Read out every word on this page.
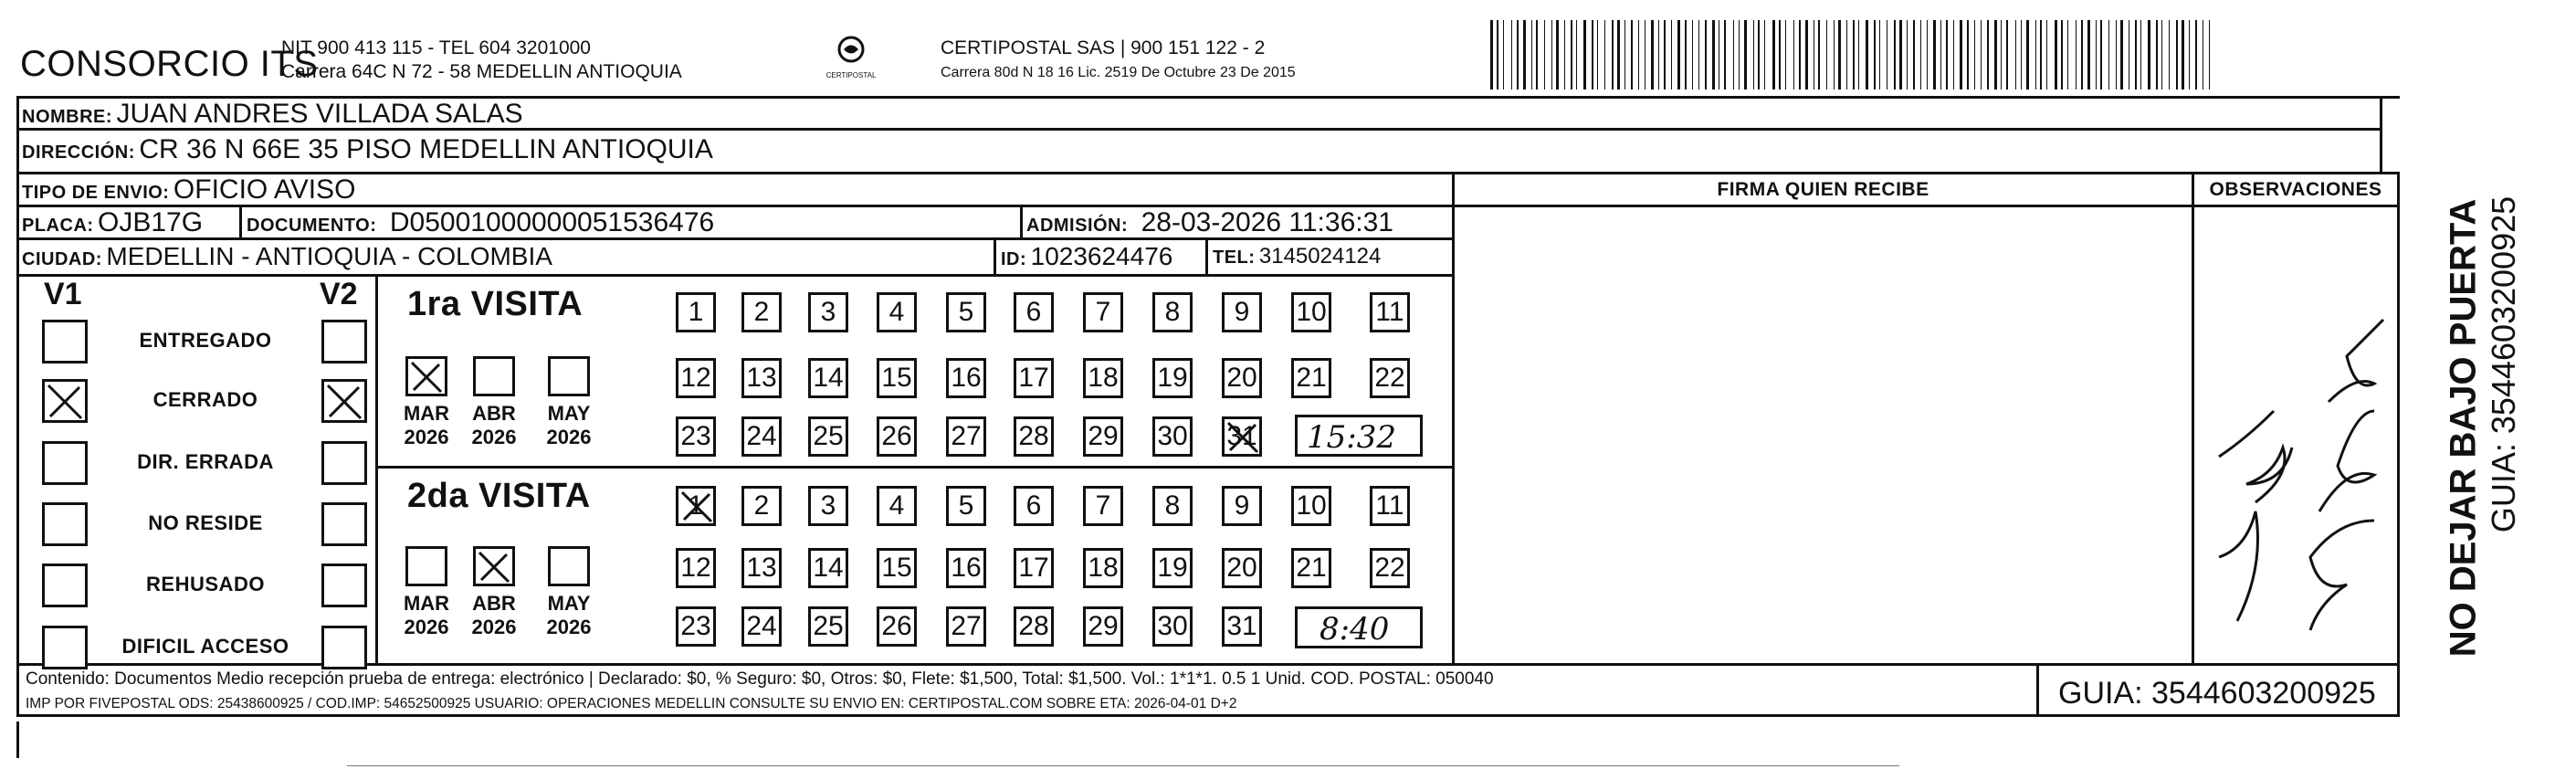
CONSORCIO ITS
NIT 900 413 115 - TEL 604 3201000
Carrera 64C N 72 - 58 MEDELLIN ANTIOQUIA	CERTIPOSTAL
CERTIPOSTAL SAS | 900 151 122 - 2
Carrera 80d N 18 16 Lic. 2519 De Octubre 23 De 2015
NOMBRE: JUAN ANDRES VILLADA SALAS
DIRECCIÓN: CR 36 N 66E 35 PISO MEDELLIN ANTIOQUIA
TIPO DE ENVIO: OFICIO AVISO
PLACA: OJB17G DOCUMENTO: D05001000000051536476	ADMISIÓN: 28-03-2026 11:36:31
CIUDAD: MEDELLIN - ANTIOQUIA - COLOMBIA	ID: 1023624476 TEL: 3145024124
FIRMA QUIEN RECIBE	OBSERVACIONES
NO DEJAR BAJO PUERTA GUIA: 3544603200925
V1	V2
ENTREGADO
CERRADO
DIR. ERRADA
NO RESIDE
REHUSADO
DIFICIL ACCESO
1ra VISITA
MAR
2026
ABR
2026
MAY
2026
1 2 3 4 5 6 7 8 9 10 11
12 13 14 15 16 17 18 19 20 21 22
23 24 25 26 27 28 29 30 31 15:32
2da VISITA
MAR
2026
ABR
2026
MAY
2026
1 2 3 4 5 6 7 8 9 10 11
12 13 14 15 16 17 18 19 20 21 22
23 24 25 26 27 28 29 30 31 8:40
Contenido: Documentos Medio recepción prueba de entrega: electrónico | Declarado: $0, % Seguro: $0, Otros: $0, Flete: $1,500, Total: $1,500. Vol.: 1*1*1. 0.5 1 Unid. COD. POSTAL: 050040
IMP POR FIVEPOSTAL ODS: 25438600925 / COD.IMP: 54652500925 USUARIO: OPERACIONES MEDELLIN CONSULTE SU ENVIO EN: CERTIPOSTAL.COM SOBRE ETA: 2026-04-01 D+2	GUIA: 3544603200925
